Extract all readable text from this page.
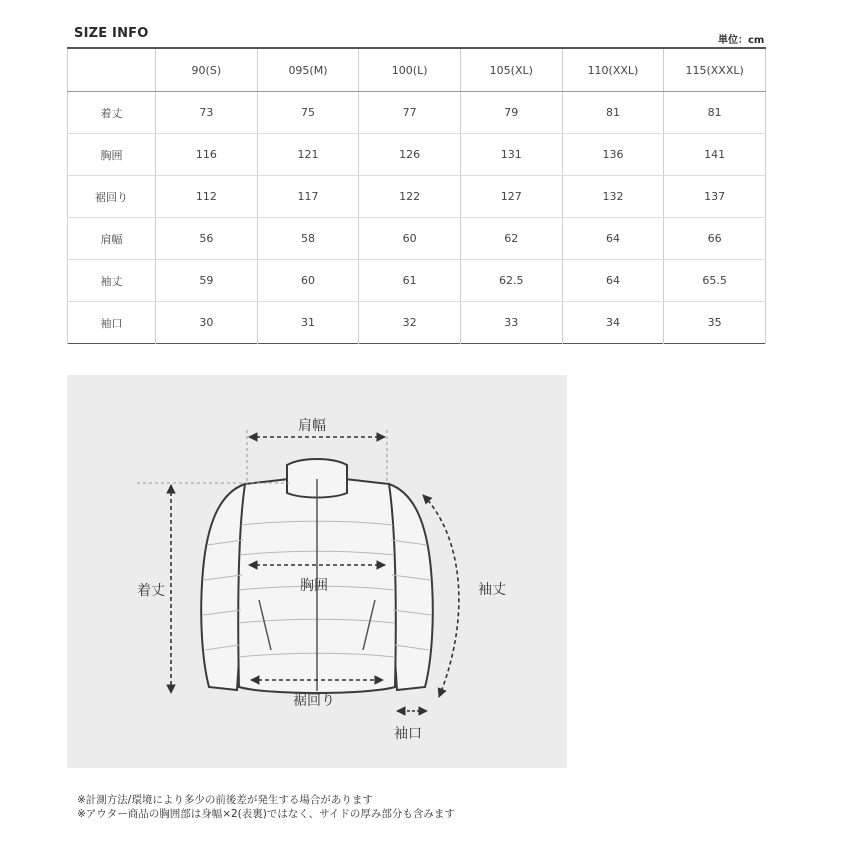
SIZE INFO	単位：cm
	90(S)	095(M)	100(L)	105(XL)	110(XXL)	115(XXXL)
着丈	73	75	77	79	81	81
胸囲	116	121	126	131	136	141
裾回り	112	117	122	127	132	137
肩幅	56	58	60	62	64	66
袖丈	59	60	61	62.5	64	65.5
袖口	30	31	32	33	34	35
肩幅
着丈	胸囲	袖丈
裾回り
袖口
※計測方法/環境により多少の前後差が発生する場合があります
※アウター商品の胸囲部は身幅×2(表裏)ではなく、サイドの厚み部分も含みます
